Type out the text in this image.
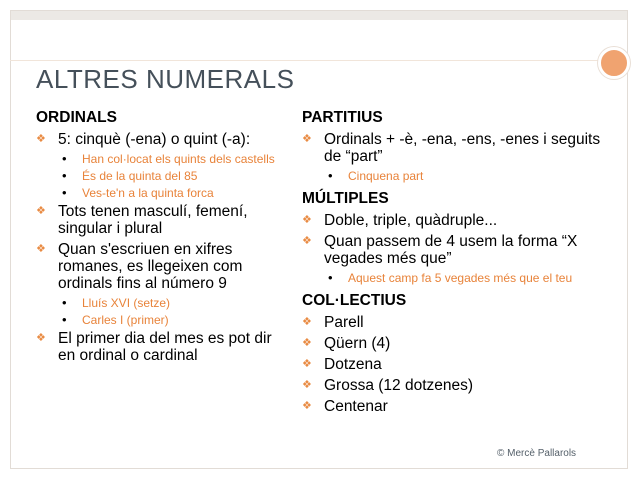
ALTRES NUMERALS
ORDINALS
❖ 5: cinquè (-ena) o quint (-a):
•	Han col·locat els quints dels castells
•	És de la quinta del 85
•	Ves-te'n a la quinta forca
❖ Tots tenen masculí, femení, singular i plural
❖ Quan s'escriuen en xifres romanes, es llegeixen com ordinals fins al número 9
•	Lluís XVI (setze)
•	Carles I (primer)
❖ El primer dia del mes es pot dir en ordinal o cardinal
PARTITIUS
❖ Ordinals + -è, -ena, -ens, -enes i seguits de “part”
•	Cinquena part
MÚLTIPLES
❖ Doble, triple, quàdruple...
❖ Quan passem de 4 usem la forma “X vegades més que”
•	Aquest camp fa 5 vegades més que el teu
COL·LECTIUS
❖ Parell
❖ Qüern (4)
❖ Dotzena
❖ Grossa (12 dotzenes)
❖ Centenar
© Mercè Pallarols
